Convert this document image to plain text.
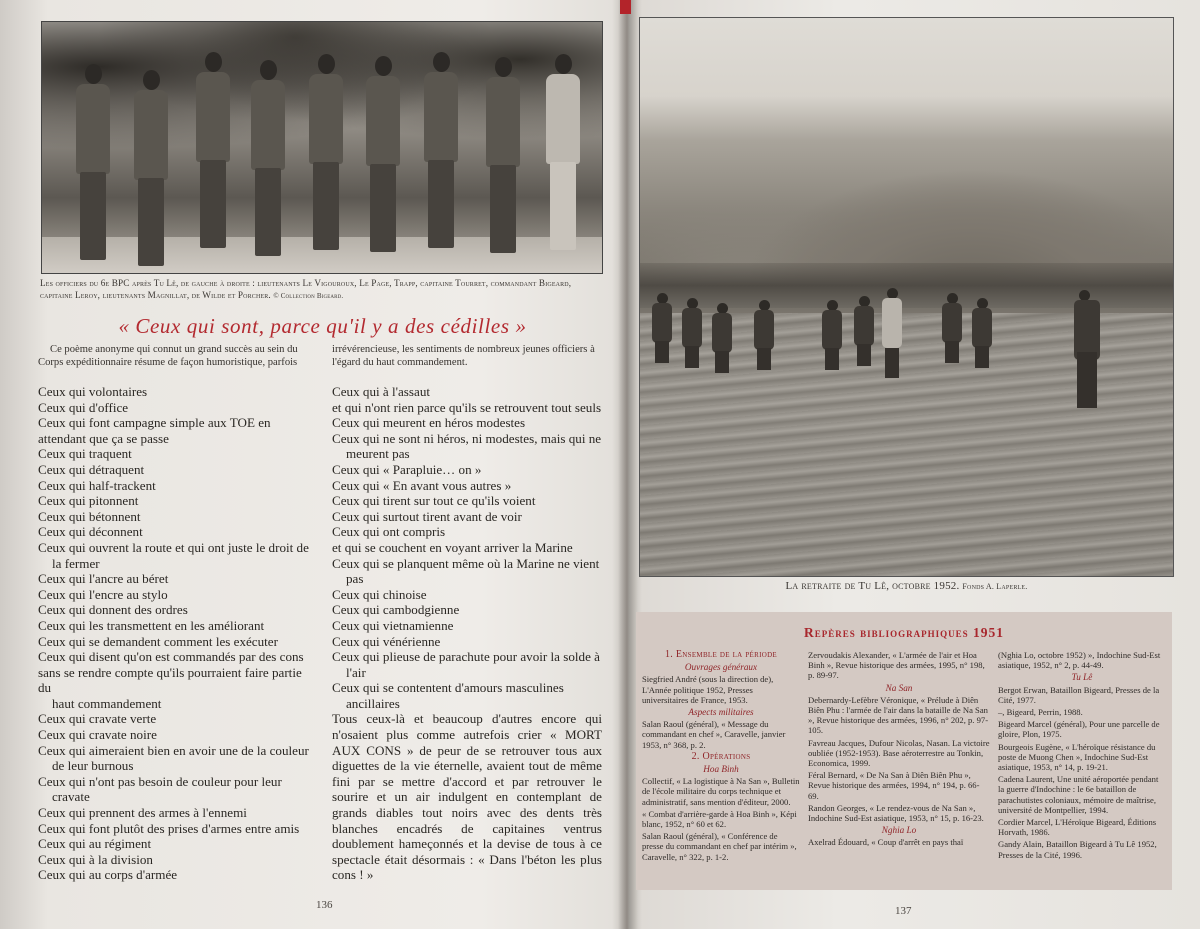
Les officiers du 6e BPC après Tu Lê, de gauche à droite : lieutenants Le Vigouroux, Le Page, Trapp, capitaine Tourret, commandant Bigeard, capitaine Leroy, lieutenants Magnillat, de Wilde et Porcher. © Collection Bigeard.
« Ceux qui sont, parce qu'il y a des cédilles »
Ce poème anonyme qui connut un grand succès au sein du Corps expéditionnaire résume de façon humoristique, parfois
irrévérencieuse, les sentiments de nombreux jeunes officiers à l'égard du haut commandement.

Ceux qui volontaires

Ceux qui d'office

Ceux qui font campagne simple aux TOE en

attendant que ça se passe

Ceux qui traquent

Ceux qui détraquent

Ceux qui half-trackent

Ceux qui pitonnent

Ceux qui bétonnent

Ceux qui déconnent

Ceux qui ouvrent la route et qui ont juste le droit de

la fermer

Ceux qui l'ancre au béret

Ceux qui l'encre au stylo

Ceux qui donnent des ordres

Ceux qui les transmettent en les améliorant

Ceux qui se demandent comment les exécuter

Ceux qui disent qu'on est commandés par des cons

sans se rendre compte qu'ils pourraient faire partie du

haut commandement

Ceux qui cravate verte

Ceux qui cravate noire

Ceux qui aimeraient bien en avoir une de la couleur

de leur burnous

Ceux qui n'ont pas besoin de couleur pour leur

cravate

Ceux qui prennent des armes à l'ennemi

Ceux qui font plutôt des prises d'armes entre amis

Ceux qui au régiment

Ceux qui à la division

Ceux qui au corps d'armée

Ceux qui à l'assaut

et qui n'ont rien parce qu'ils se retrouvent tout seuls

Ceux qui meurent en héros modestes

Ceux qui ne sont ni héros, ni modestes, mais qui ne

meurent pas

Ceux qui « Parapluie… on »

Ceux qui « En avant vous autres »

Ceux qui tirent sur tout ce qu'ils voient

Ceux qui surtout tirent avant de voir

Ceux qui ont compris

et qui se couchent en voyant arriver la Marine

Ceux qui se planquent même où la Marine ne vient

pas

Ceux qui chinoise

Ceux qui cambodgienne

Ceux qui vietnamienne

Ceux qui vénérienne

Ceux qui plieuse de parachute pour avoir la solde à

l'air

Ceux qui se contentent d'amours masculines

ancillaires

Tous ceux-là et beaucoup d'autres encore qui n'osaient plus comme autrefois crier « MORT AUX CONS » de peur de se retrouver tous aux diguettes de la vie éternelle, avaient tout de même fini par se mettre d'accord et par retrouver le sourire et un air indulgent en contemplant de grands diables tout noirs avec des dents très blanches encadrés de capitaines ventrus doublement hameçonnés et la devise de tous à ce spectacle était désormais : « Dans l'béton les plus cons ! »

136
La retraite de Tu Lê, octobre 1952. Fonds A. Laperle.
Repères bibliographiques 1951

1. Ensemble de la période

Ouvrages généraux

Siegfried André (sous la direction de), L'Année politique 1952, Presses universitaires de France, 1953.

Aspects militaires

Salan Raoul (général), « Message du commandant en chef », Caravelle, janvier 1953, n° 368, p. 2.

2. Opérations

Hoa Binh

Collectif, « La logistique à Na San », Bulletin de l'école militaire du corps technique et administratif, sans mention d'éditeur, 2000.

« Combat d'arrière-garde à Hoa Binh », Képi blanc, 1952, n° 60 et 62.

Salan Raoul (général), « Conférence de presse du commandant en chef par intérim », Caravelle, n° 322, p. 1-2.

Zervoudakis Alexander, « L'armée de l'air et Hoa Binh », Revue historique des armées, 1995, n° 198, p. 89-97.

Na San

Debernardy-Lefèbre Véronique, « Prélude à Diên Biên Phu : l'armée de l'air dans la bataille de Na San », Revue historique des armées, 1996, n° 202, p. 97-105.

Favreau Jacques, Dufour Nicolas, Nasan. La victoire oubliée (1952-1953). Base aéroterrestre au Tonkin, Economica, 1999.

Féral Bernard, « De Na San à Diên Biên Phu », Revue historique des armées, 1994, n° 194, p. 66-69.

Randon Georges, « Le rendez-vous de Na San », Indochine Sud-Est asiatique, 1953, n° 15, p. 16-23.

Nghia Lo

Axelrad Édouard, « Coup d'arrêt en pays thaï

(Nghia Lo, octobre 1952) », Indochine Sud-Est asiatique, 1952, n° 2, p. 44-49.

Tu Lê

Bergot Erwan, Bataillon Bigeard, Presses de la Cité, 1977.

–, Bigeard, Perrin, 1988.

Bigeard Marcel (général), Pour une parcelle de gloire, Plon, 1975.

Bourgeois Eugène, « L'héroïque résistance du poste de Muong Chen », Indochine Sud-Est asiatique, 1953, n° 14, p. 19-21.

Cadena Laurent, Une unité aéroportée pendant la guerre d'Indochine : le 6e bataillon de parachutistes coloniaux, mémoire de maîtrise, université de Montpellier, 1994.

Cordier Marcel, L'Héroïque Bigeard, Éditions Horvath, 1986.

Gandy Alain, Bataillon Bigeard à Tu Lê 1952, Presses de la Cité, 1996.

137
